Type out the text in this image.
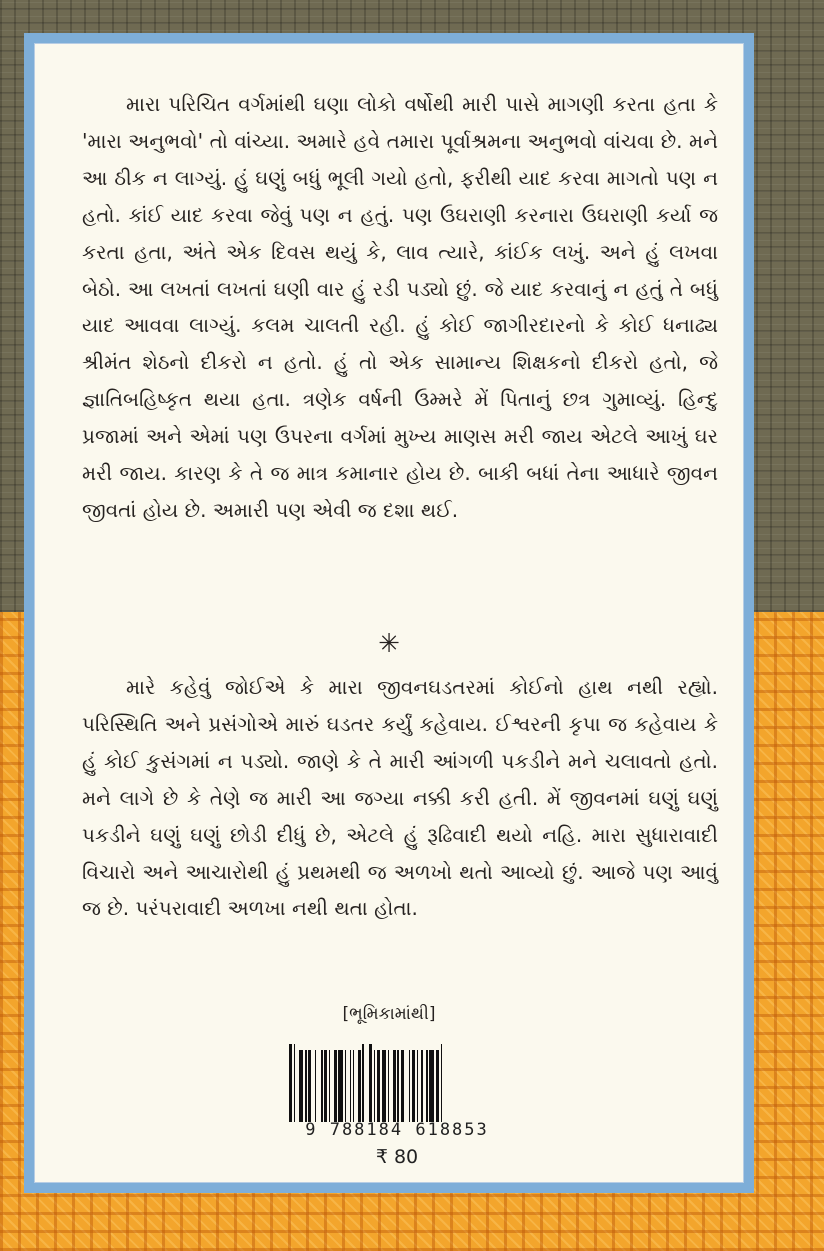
મારા પરિચિત વર્ગમાંથી ઘણા લોકો વર્ષોથી મારી પાસે માગણી કરતા હતા કે 'મારા અનુભવો' તો વાંચ્યા. અમારે હવે તમારા પૂર્વાશ્રમના અનુભવો વાંચવા છે. મને આ ઠીક ન લાગ્યું. હું ઘણું બધું ભૂલી ગયો હતો, ફરીથી યાદ કરવા માગતો પણ ન હતો. કાંઈ યાદ કરવા જેવું પણ ન હતું. પણ ઉઘરાણી કરનારા ઉઘરાણી કર્યા જ કરતા હતા, અંતે એક દિવસ થયું કે, લાવ ત્યારે, કાંઈક લખું. અને હું લખવા બેઠો. આ લખતાં લખતાં ઘણી વાર હું રડી પડ્યો છું. જે યાદ કરવાનું ન હતું તે બધું યાદ આવવા લાગ્યું. કલમ ચાલતી રહી. હું કોઈ જાગીરદારનો કે કોઈ ધનાઢ્ય શ્રીમંત શેઠનો દીકરો ન હતો. હું તો એક સામાન્ય શિક્ષકનો દીકરો હતો, જે જ્ઞાતિબહિષ્કૃત થયા હતા. ત્રણેક વર્ષની ઉમ્મરે મેં પિતાનું છત્ર ગુમાવ્યું. હિન્દુ પ્રજામાં અને એમાં પણ ઉપરના વર્ગમાં મુખ્ય માણસ મરી જાય એટલે આખું ઘર મરી જાય. કારણ કે તે જ માત્ર કમાનાર હોય છે. બાકી બધાં તેના આધારે જીવન જીવતાં હોય છે. અમારી પણ એવી જ દશા થઈ.

✳

મારે કહેવું જોઈએ કે મારા જીવનઘડતરમાં કોઈનો હાથ નથી રહ્યો. પરિસ્થિતિ અને પ્રસંગોએ મારું ઘડતર કર્યું કહેવાય. ઈશ્વરની કૃપા જ કહેવાય કે હું કોઈ કુસંગમાં ન પડ્યો. જાણે કે તે મારી આંગળી પકડીને મને ચલાવતો હતો. મને લાગે છે કે તેણે જ મારી આ જગ્યા નક્કી કરી હતી. મેં જીવનમાં ઘણું ઘણું પકડીને ઘણું ઘણું છોડી દીધું છે, એટલે હું રૂઢિવાદી થયો નહિ. મારા સુધારાવાદી વિચારો અને આચારોથી હું પ્રથમથી જ અળખો થતો આવ્યો છું. આજે પણ આવું જ છે. પરંપરાવાદી અળખા નથી થતા હોતા.

[ભૂમિકામાંથી]
9 788184 618853
₹ 80
